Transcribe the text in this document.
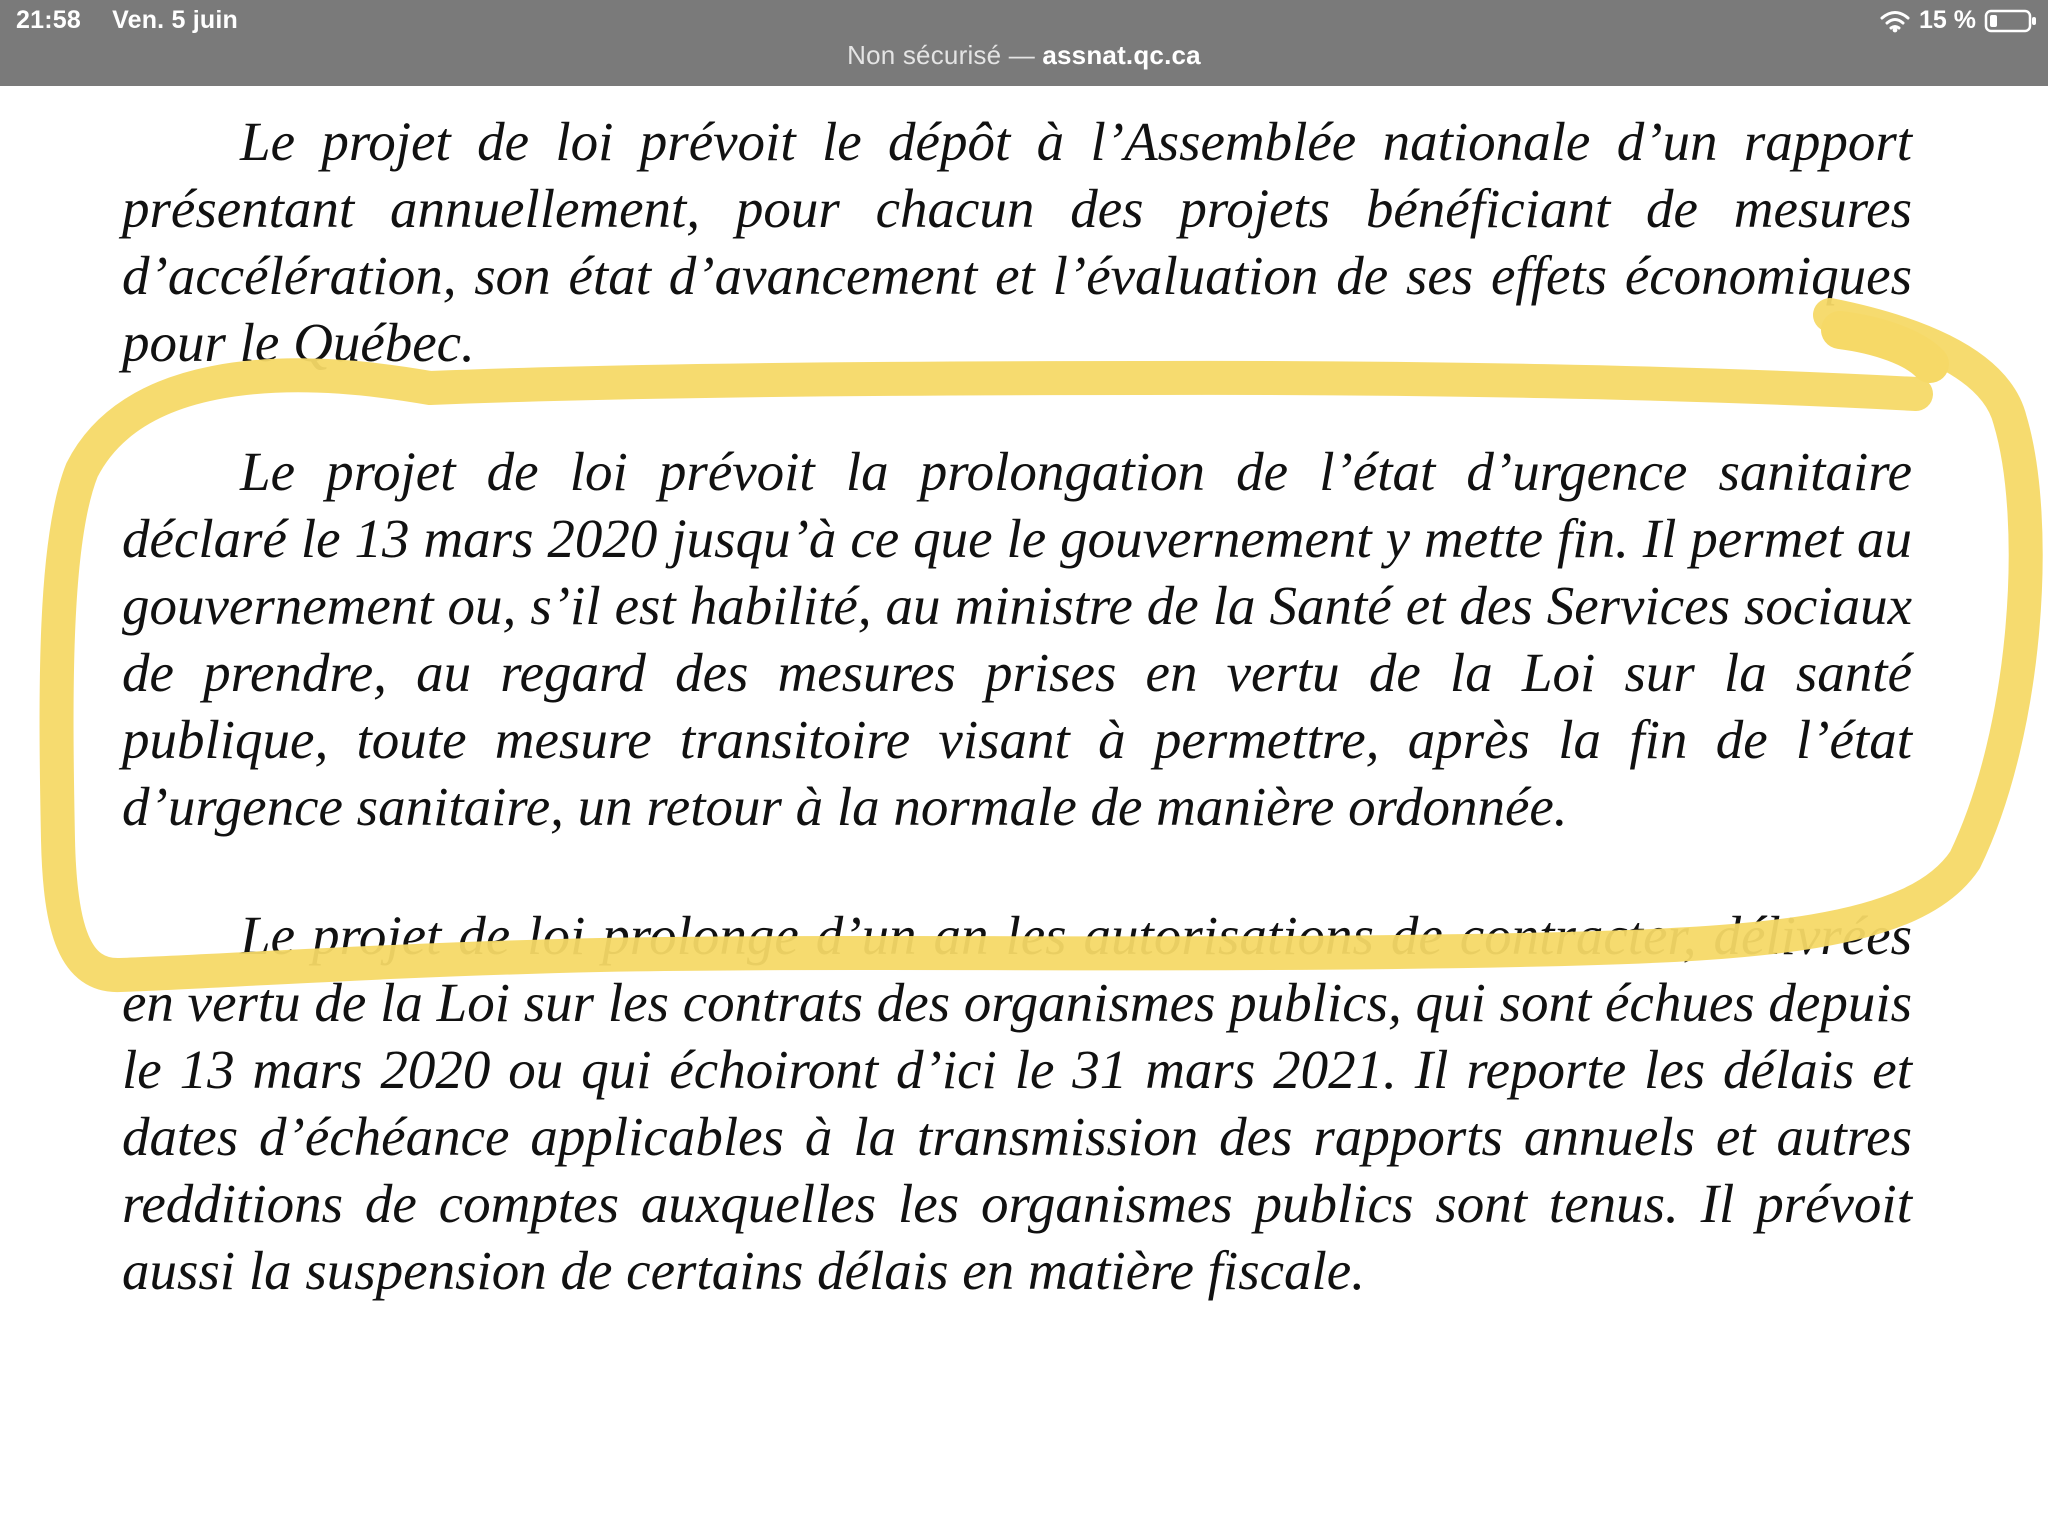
21:58 Ven. 5 juin	15 %
Non sécurisé — assnat.qc.ca

Le projet de loi prévoit le dépôt à l’Assemblée nationale d’un rapport présentant annuellement, pour chacun des projets bénéficiant de mesures d’accélération, son état d’avancement et l’évaluation de ses effets économiques pour le Québec.

Le projet de loi prévoit la prolongation de l’état d’urgence sanitaire déclaré le 13 mars 2020 jusqu’à ce que le gouvernement y mette fin. Il permet au gouvernement ou, s’il est habilité, au ministre de la Santé et des Services sociaux de prendre, au regard des mesures prises en vertu de la Loi sur la santé publique, toute mesure transitoire visant à permettre, après la fin de l’état d’urgence sanitaire, un retour à la normale de manière ordonnée.

Le projet de loi prolonge d’un an les autorisations de contracter, délivrées en vertu de la Loi sur les contrats des organismes publics, qui sont échues depuis le 13 mars 2020 ou qui échoiront d’ici le 31 mars 2021. Il reporte les délais et dates d’échéance applicables à la transmission des rapports annuels et autres redditions de comptes auxquelles les organismes publics sont tenus. Il prévoit aussi la suspension de certains délais en matière fiscale.
